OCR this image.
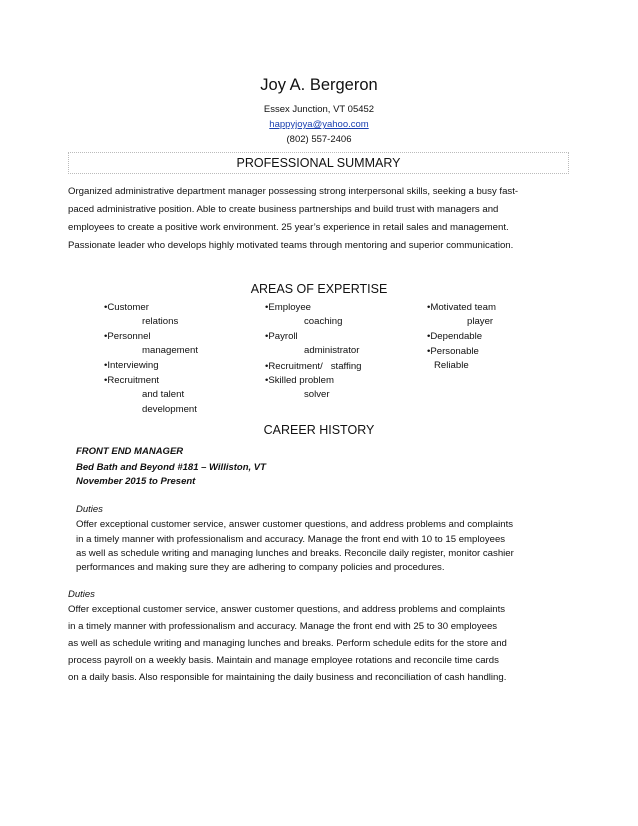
Joy A. Bergeron
Essex Junction, VT 05452
happyjoya@yahoo.com
(802) 557-2406
PROFESSIONAL SUMMARY
Organized administrative department manager possessing strong interpersonal skills, seeking a busy fast-
paced administrative position. Able to create business partnerships and build trust with managers and
employees to create a positive work environment. 25 year’s experience in retail sales and management.
Passionate leader who develops highly motivated teams through mentoring and superior communication.
AREAS OF EXPERTISE
•Customer
relations
•Personnel
management
•Interviewing
•Recruitment
and talent
development
•Employee
coaching
•Payroll
administrator
•Recruitment/   staffing
•Skilled problem
solver
•Motivated team
player
•Dependable
•Personable
Reliable
CAREER HISTORY
FRONT END MANAGER
Bed Bath and Beyond #181 – Williston, VT
November 2015 to Present
Duties
Offer exceptional customer service, answer customer questions, and address problems and complaints
in a timely manner with professionalism and accuracy. Manage the front end with 10 to 15 employees
as well as schedule writing and managing lunches and breaks. Reconcile daily register, monitor cashier
performances and making sure they are adhering to company policies and procedures.
Duties
Offer exceptional customer service, answer customer questions, and address problems and complaints
in a timely manner with professionalism and accuracy. Manage the front end with 25 to 30 employees
as well as schedule writing and managing lunches and breaks. Perform schedule edits for the store and
process payroll on a weekly basis. Maintain and manage employee rotations and reconcile time cards
on a daily basis. Also responsible for maintaining the daily business and reconciliation of cash handling.
